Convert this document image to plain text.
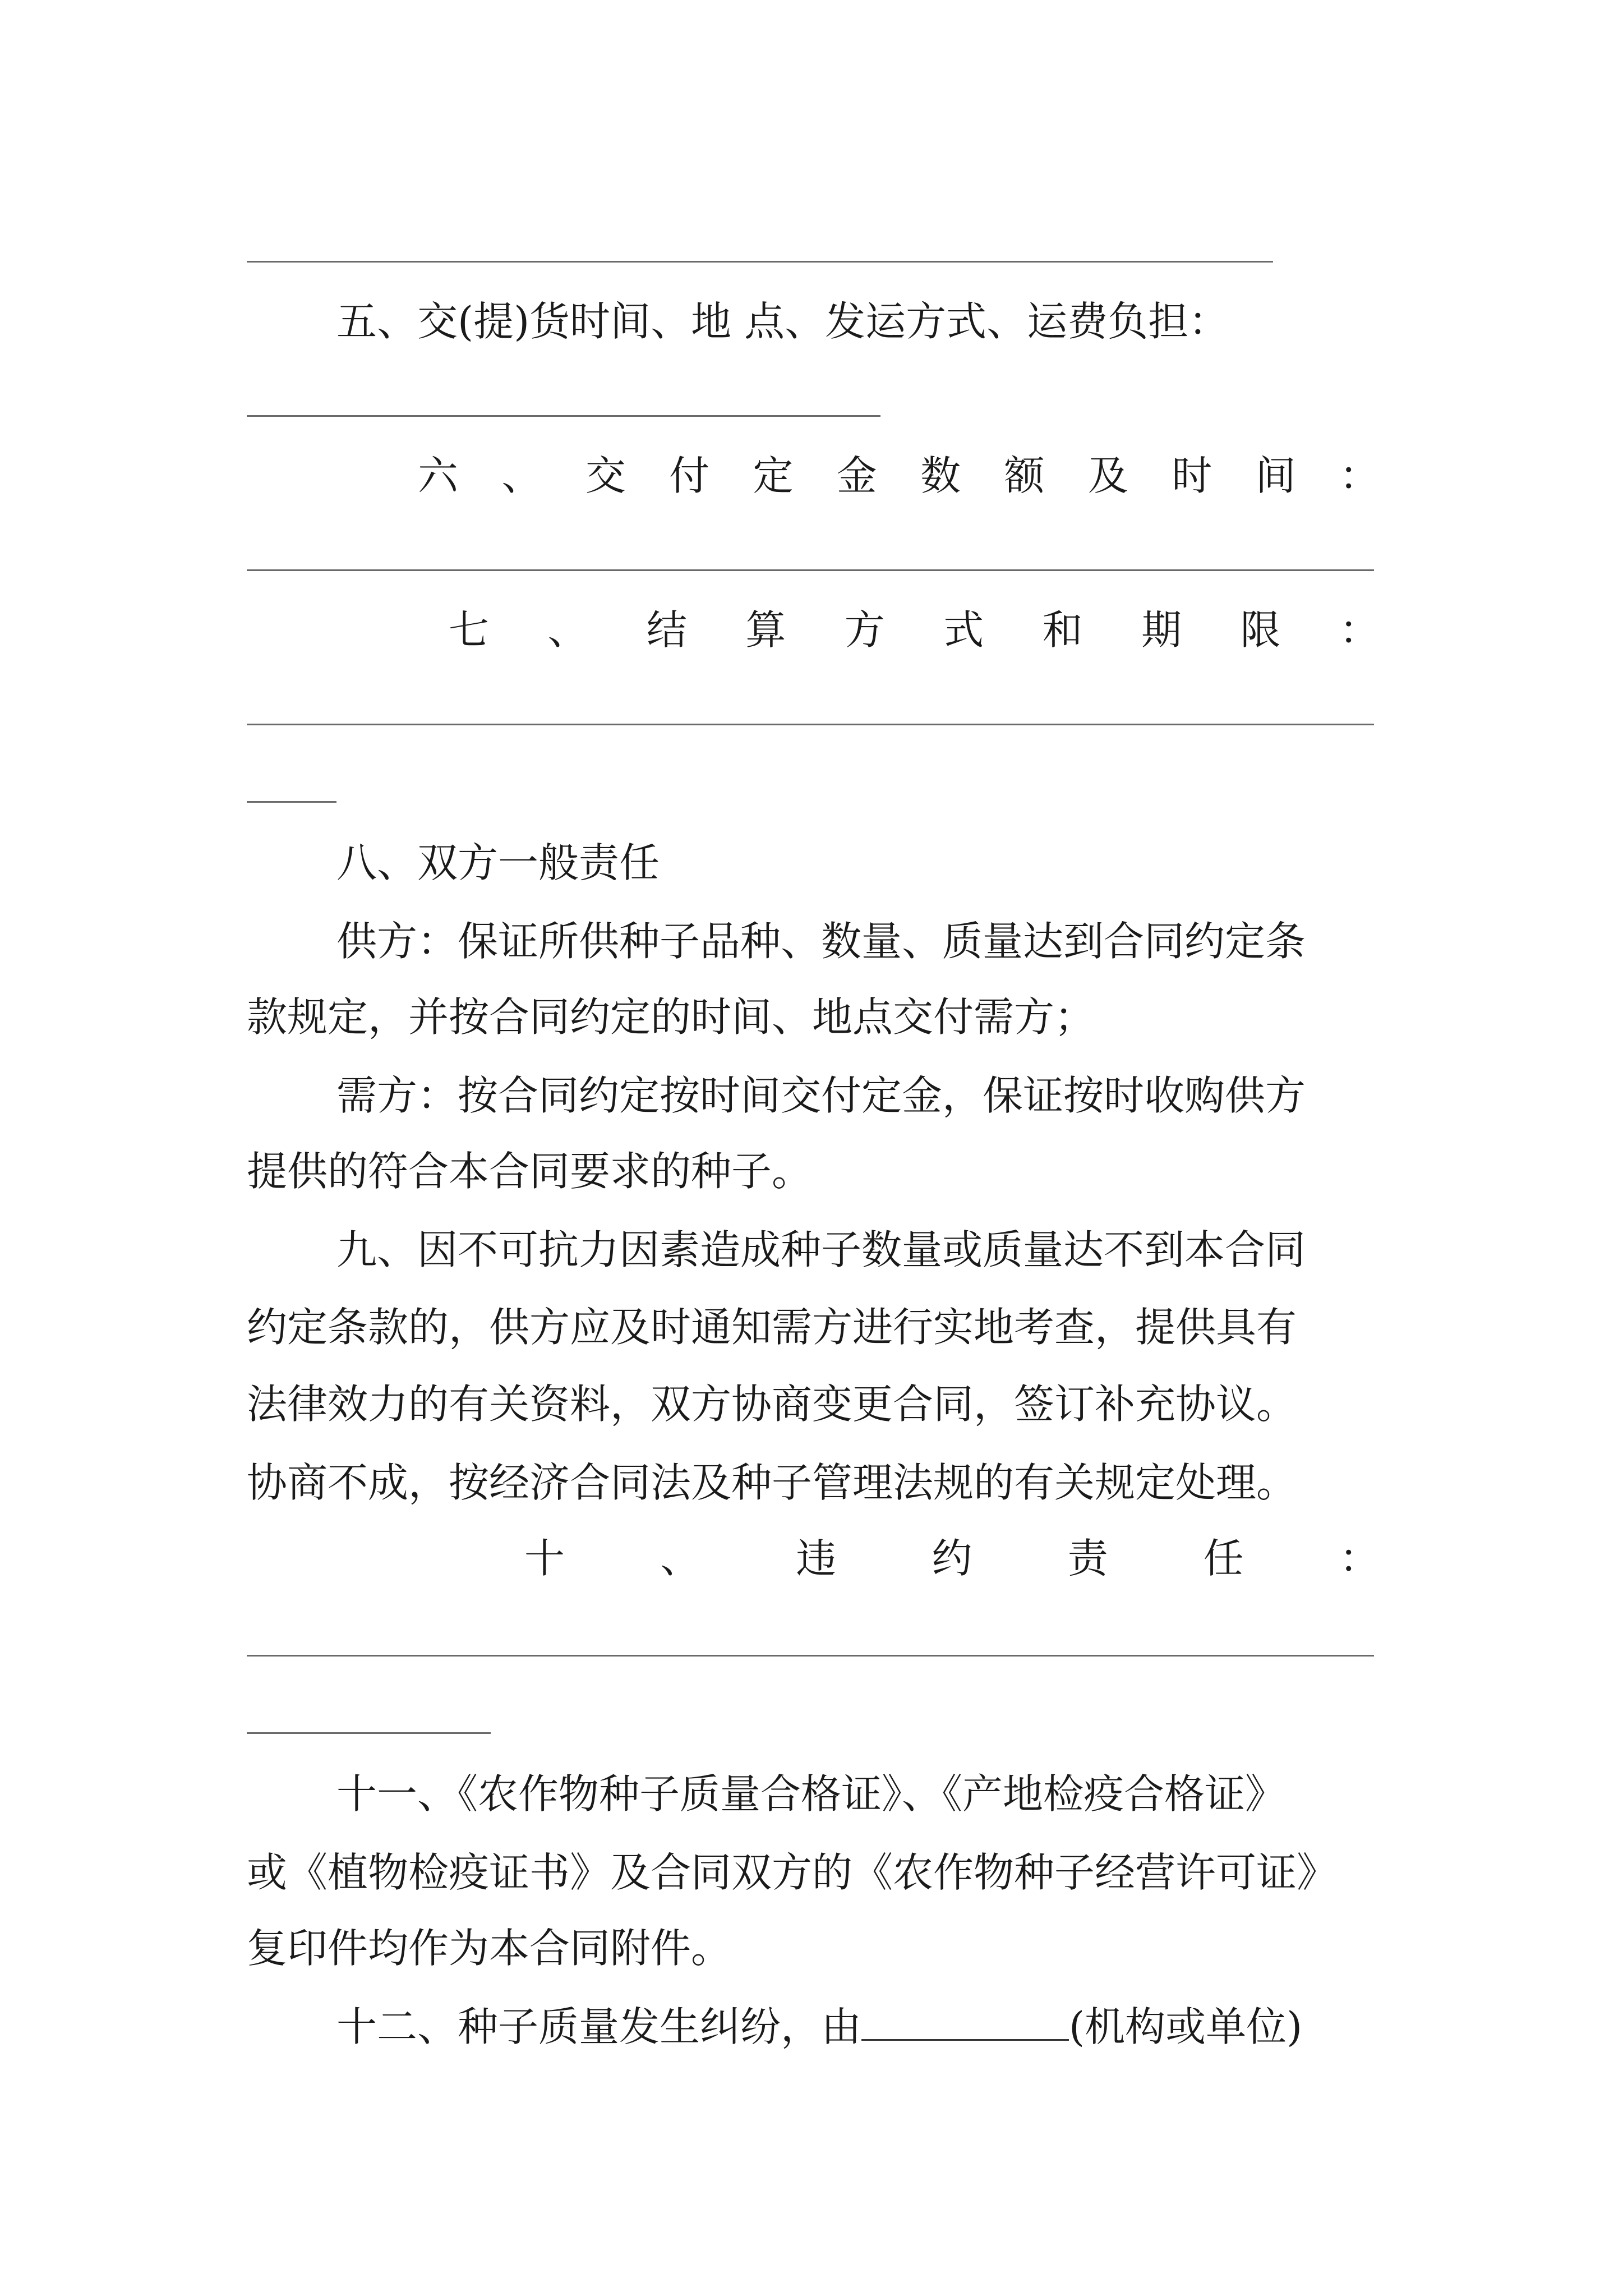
五、交(提)货时间、地 点、发运方式、运费负担：
六 、 交 付 定 金 数 额 及 时 间 ：
七 、 结 算 方 式 和 期 限 ：
八、双方一般责任
供方：保证所供种子品种、数量、质量达到合同约定条
款规定，并按合同约定的时间、地点交付需方；
需方：按合同约定按时间交付定金，保证按时收购供方
提供的符合本合同要求的种子。
九、因不可抗力因素造成种子数量或质量达不到本合同
约定条款的，供方应及时通知需方进行实地考查，提供具有
法律效力的有关资料，双方协商变更合同，签订补充协议。
协商不成，按经济合同法及种子管理法规的有关规定处理。
十 、 违 约 责 任 ：
十一、《农作物种子质量合格证》、《产地检疫合格证》
或《植物检疫证书》及合同双方的《农作物种子经营许可证》
复印件均作为本合同附件。
十二、种子质量发生纠纷，由	(机构或单位)
